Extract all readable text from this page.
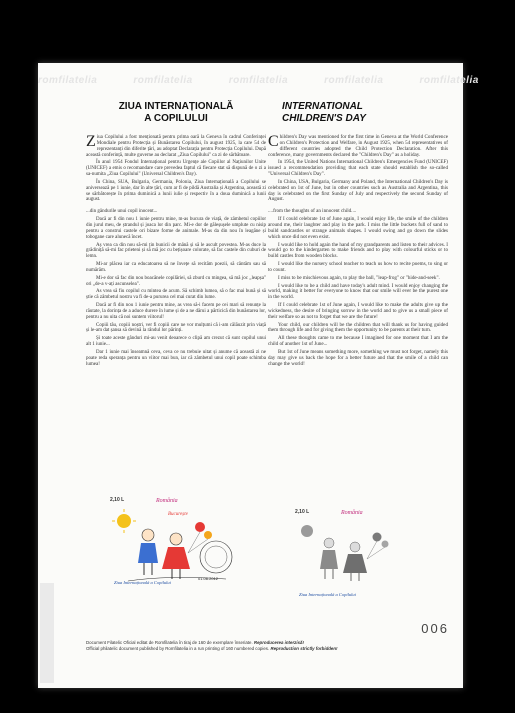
romfilatelia	romfilatelia	romfilatelia	romfilatelia	romfilatelia
ZIUA INTERNAȚIONALĂ
A COPILULUI

Ziua Copilului a fost menționată pentru prima oară la Geneva în cadrul Conferinței Mondiale pentru Protecția și Bunăstarea Copilului, în august 1925, la care 54 de reprezentanți din diferite țări, au adoptat Declarația pentru Protecția Copilului. După această conferință, multe guverne au declarat „Ziua Copilului" ca zi de sărbătoare.

În anul 1954 Fondul Internațional pentru Urgențe ale Copiilor al Națiunilor Unite (UNICEF) a emis o recomandare care prevedea faptul că fiecare stat să dispună de o zi a sa-numita „Ziua Copilului" (Universal Children's Day).

În China, SUA, Bulgaria, Germania, Polonia, Ziua Internațională a Copilului se aniversează pe 1 iunie, dar în alte țări, cum ar fi de pildă Australia și Argentina, această zi se sărbătorește în prima duminică a lunii iulie și respectiv în a doua duminică a lunii august.

...din gândurile unui copil inocent...

Dacă ar fi din nou 1 iunie pentru mine, m-as bucura de viață, de zâmbetul copiilor din jurul meu, de ștrandul și joaca lor din parc. Mi-e dor de găleșușele umplute cu nisip pentru a construi castele ori bizare forme de animale. M-as da din nou în leagăne și tobogane care alunecă încet.

Aș vrea ca din nou să-mi țin bunicii de mână și să le ascult povestea. M-as duce la grădiniță să-mi fac prieteni și să mă joc cu bețișoare colorate, să fac castele din cuburi de lemn.

Mi-ar plăcea iar ca educatoarea să ne învețe să recităm poezii, să cântăm sau să numărăm.

Mi-e dor să fac din nou boacănele copilăriei, să zburd cu mingea, să mă joc „leapșa" ori „de-a v-ați ascunselea".

As vrea să fiu copilul cu mintea de acum. Să schimb lumea, să o fac mai bună și să știe că zâmbetul nostru va fi de-a pururea cel mai curat din lume.

Dacă ar fi din nou 1 iunie pentru mine, as vrea să-i facem pe cei mari să renunțe la răutate, la dorința de a aduce durere în lume și de a ne dărui a părticică din bunăstarea lor, pentru a nu uita că noi suntem viitorul!

Copiii tău, copiii noștri, ver fi copiii care ne vor mulțumi că i-am călăuzit prin viață și le-am dat șansa să devină la rândul lor părinți.

Și toate aceste gânduri mi-au venit deoarece o clipă am crezut că sunt copilul unui alt 1 iunie...

Dar 1 iunie mai înseamnă ceva, ceva ce nu trebuie uitat și anume că această zi ne poate reda speranța pentru un viitor mai bun, iar că zâmbetul unui copil poate schimba lumea!

INTERNATIONAL
CHILDREN'S DAY

Children's Day was mentioned for the first time in Geneva at the World Conference on Children's Protection and Welfare, in August 1925, when 54 representatives of different countries adopted the Child Protection Declaration. After this conference, many governments declared the "Children's Day" as a holiday.

In 1954, the United Nations International Children's Emergencies Fund (UNICEF) issued a recommendation providing that each state should establish the so-called "Universal Children's Day".

In China, USA, Bulgaria, Germany and Poland, the International Children's Day is celebrated on 1st of June, but in other countries such as Australia and Argentina, this day is celebrated on the first Sunday of July and respectively the second Sunday of August.

....from the thoughts of an innocent child....

If I could celebrate 1st of June again, I would enjoy life, the smile of the children around me, their laughter and play in the park. I miss the little buckets full of sand to build sandcastles or strange animals shapes. I would swing and go down the slides which once did not even exist.

I would like to hold again the hand of my grandparents and listen to their advices. I would go to the kindergarten to make friends and to play with colourful sticks or to build castles from wooden blocks.

I would like the nursery school teacher to teach us how to recite poems, to sing or to count.

I miss to be mischievous again, to play the ball, "leap-frog" or "hide-and-seek".

I would like to be a child and have today's adult mind. I would enjoy changing the world, making it better for everyone to know that our smile will ever be the purest one in the world.

If I could celebrate 1st of June again, I would like to make the adults give up the wickedness, the desire of bringing sorrow in the world and to give us a small piece of their welfare so as not to forget that we are the future!

Your child, our children will be the children that will thank us for having guided them through life and for giving them the opportunity to be parents at their turn.

All these thoughts came to me because I imagined for one moment that I am the child of another 1st of June...

But 1st of June means something more, something we must not forget, namely this day may give us back the hope for a better future and that the smile of a child can change the world!

2,10 L	România
Bucurește
01.06.2012
Ziua Internațională a Copilului
2,10 L	România
Ziua Internațională a Copilului
006
Document Filatelic Oficial editat de Romfilatelia în tiraj de 160 de exemplare înseriate. Reproducerea interzisă!
Official philatelic document published by Romfilatelia in a run printing of 160 numbered copies. Reproduction strictly forbidden!
